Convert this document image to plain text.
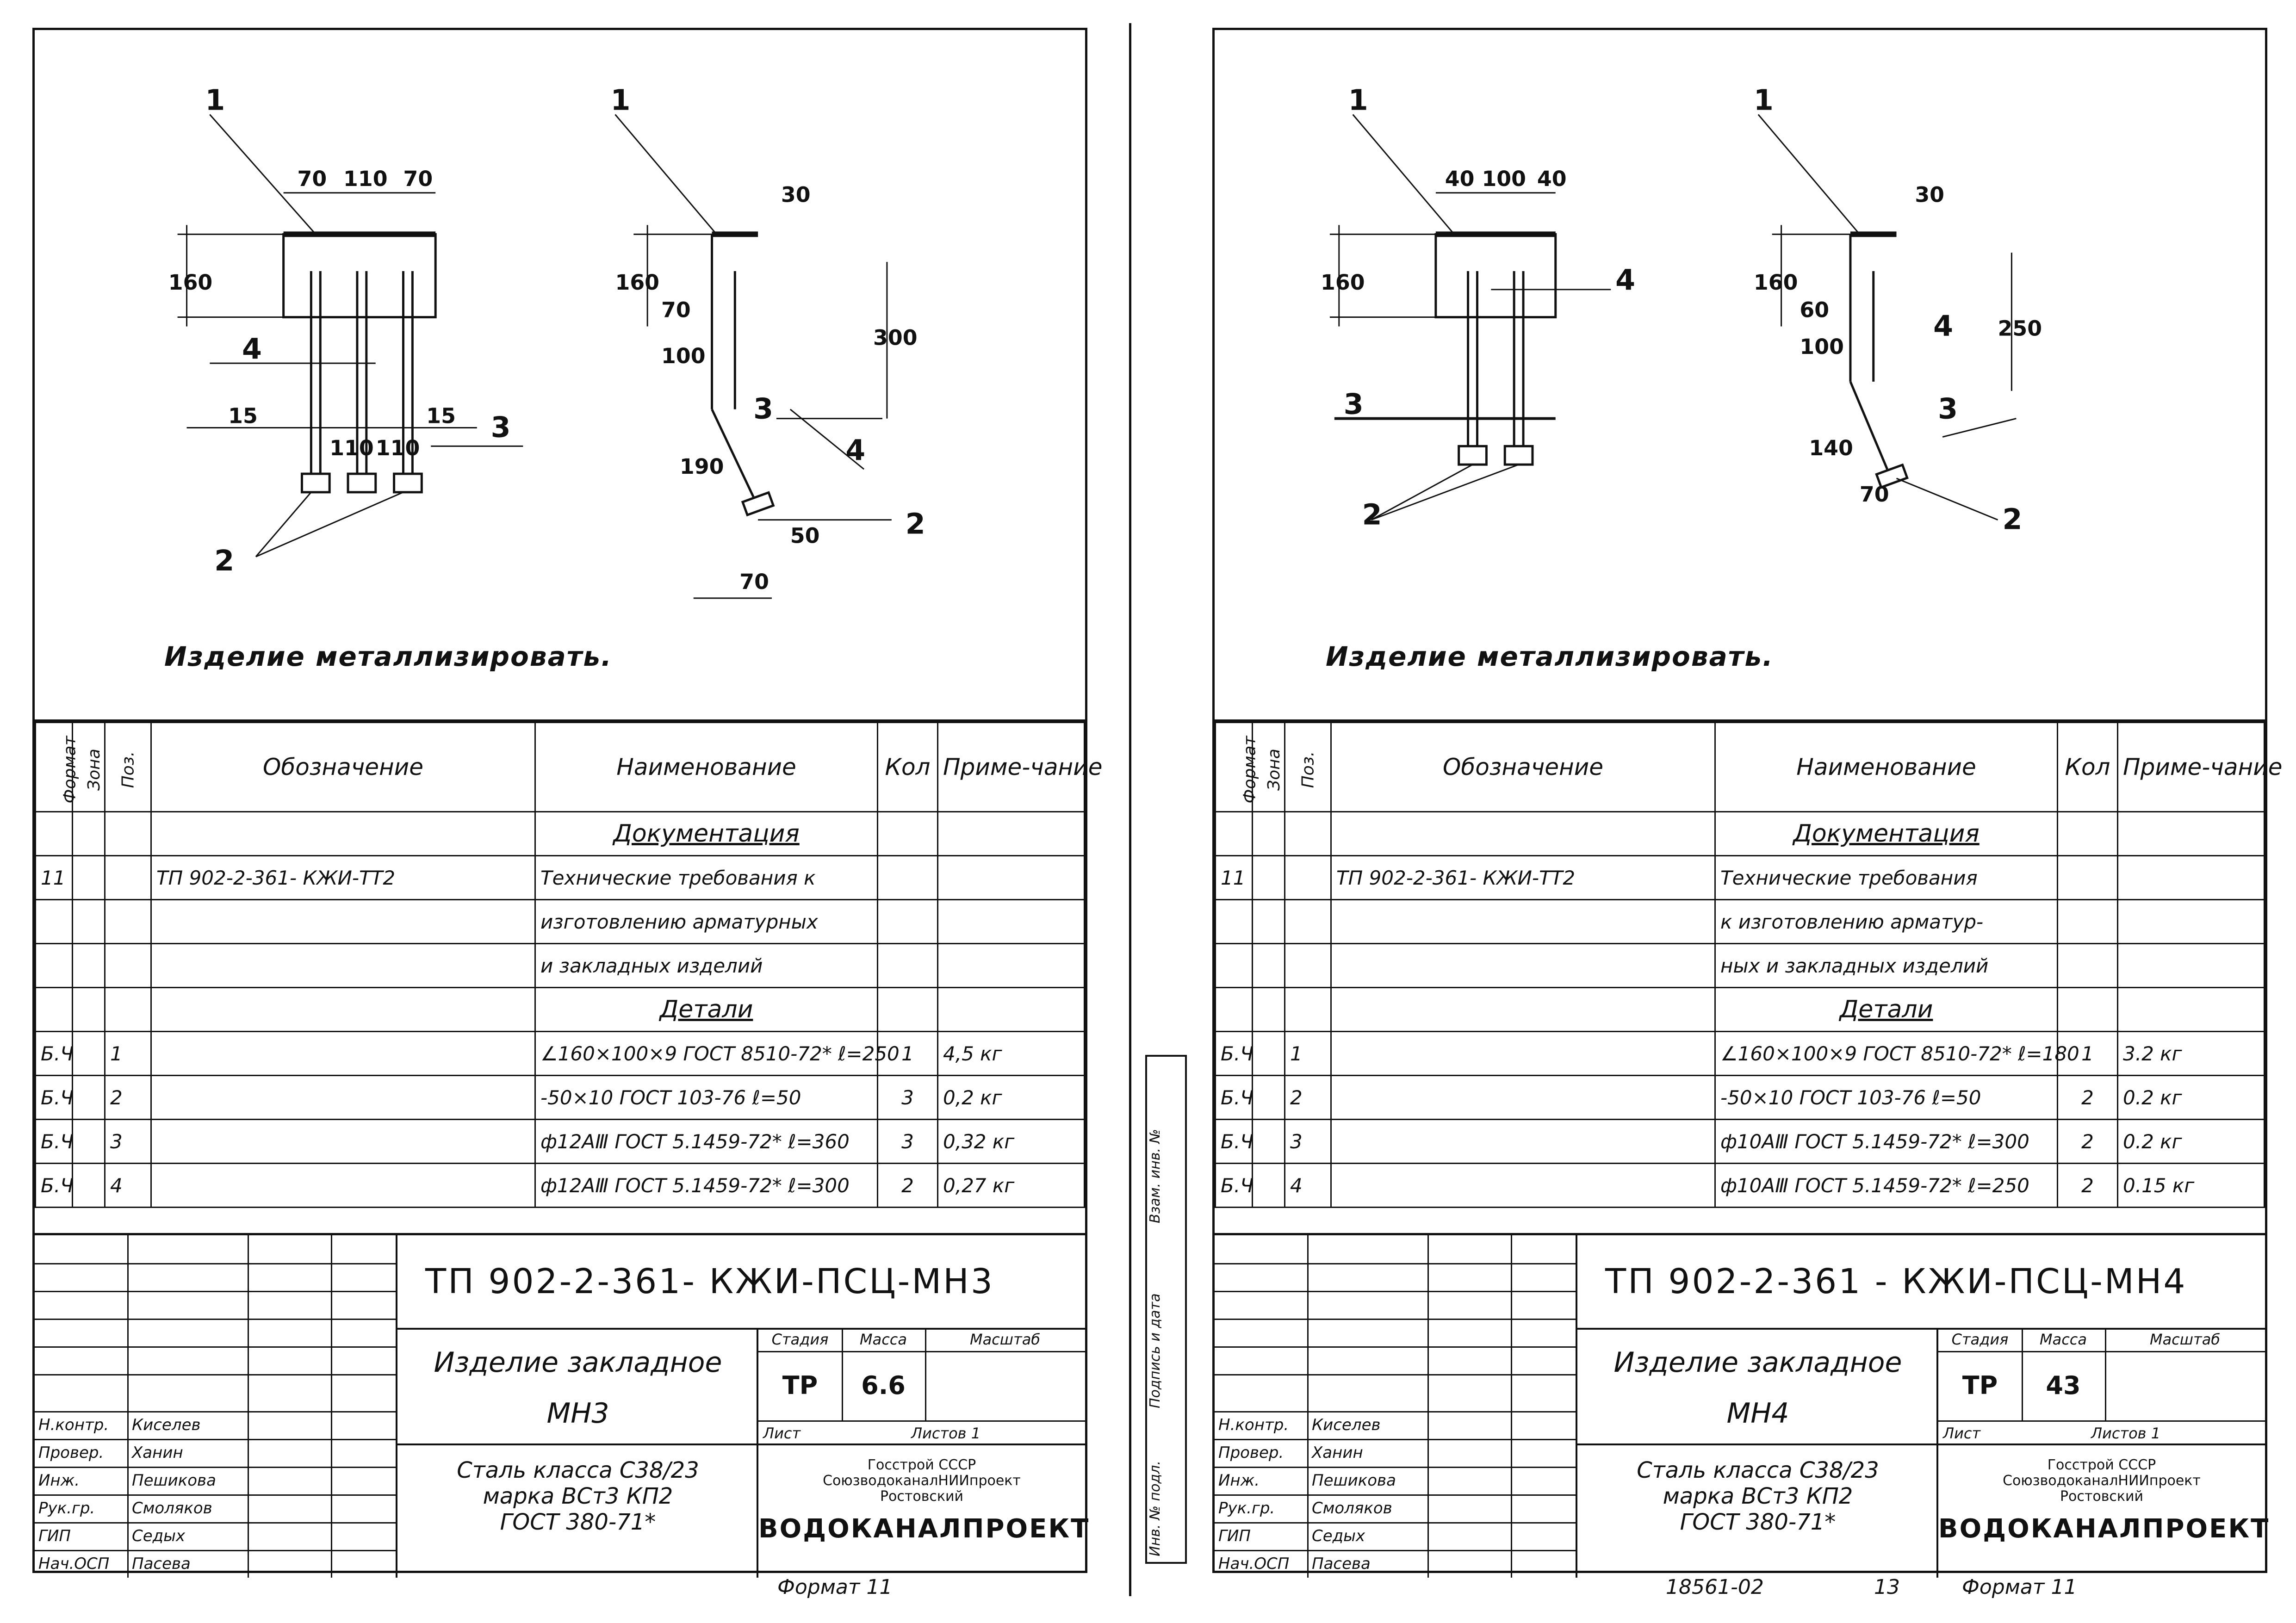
70 110 70
160
15
110 110
15
30
160
70
100
300
50
70
190
1
2
3
4
1
2
3
4
Изделие металлизировать.
Формат	Зона	Поз.	Обозначение	Наименование	Кол	Приме-чание
				Документация		
11			ТП 902-2-361- КЖИ-ТТ2	Технические требования к		
				изготовлению арматурных		
				и закладных изделий		
				Детали		
Б.Ч		1		∠160×100×9 ГОСТ 8510-72* ℓ=250	1	4,5 кг
Б.Ч		2		-50×10 ГОСТ 103-76 ℓ=50	3	0,2 кг
Б.Ч		3		ф12АⅢ ГОСТ 5.1459-72* ℓ=360	3	0,32 кг
Б.Ч		4		ф12АⅢ ГОСТ 5.1459-72* ℓ=300	2	0,27 кг
Н.контр. Киселев
Провер. Ханин
Инж.	Пешикова
Рук.гр. Смоляков
ГИП	Седых
Нач.ОСП Пасева
ТП 902-2-361- КЖИ-ПСЦ-МН3
Изделие закладное
МН3
Стадия	Масса	Масштаб
ТР	6.6
Лист	Листов 1
Сталь класса С38/23
марка ВСт3 КП2
ГОСТ 380-71*
Госстрой СССР
СоюзводоканалНИИпроект
Ростовский
ВОДОКАНАЛПРОЕКТ
Формат 11
Инв. № подл.
Подпись и дата
Взам. инв. №
40 100 40
160
30
160
60
100
250
140
70
1
2
3
4
1
2
3
4
Изделие металлизировать.
Формат	Зона	Поз.	Обозначение	Наименование	Кол	Приме-чание
				Документация		
11			ТП 902-2-361- КЖИ-ТТ2	Технические требования		
				к изготовлению арматур-		
				ных и закладных изделий		
				Детали		
Б.Ч		1		∠160×100×9 ГОСТ 8510-72* ℓ=180	1	3.2 кг
Б.Ч		2		-50×10 ГОСТ 103-76 ℓ=50	2	0.2 кг
Б.Ч		3		ф10АⅢ ГОСТ 5.1459-72* ℓ=300	2	0.2 кг
Б.Ч		4		ф10АⅢ ГОСТ 5.1459-72* ℓ=250	2	0.15 кг
Н.контр. Киселев
Провер. Ханин
Инж.	Пешикова
Рук.гр. Смоляков
ГИП	Седых
Нач.ОСП Пасева
ТП 902-2-361 - КЖИ-ПСЦ-МН4
Изделие закладное
МН4
Стадия	Масса	Масштаб
ТР	43
Лист	Листов 1
Сталь класса С38/23
марка ВСт3 КП2
ГОСТ 380-71*
Госстрой СССР
СоюзводоканалНИИпроект
Ростовский
ВОДОКАНАЛПРОЕКТ
18561-02	13	Формат 11
